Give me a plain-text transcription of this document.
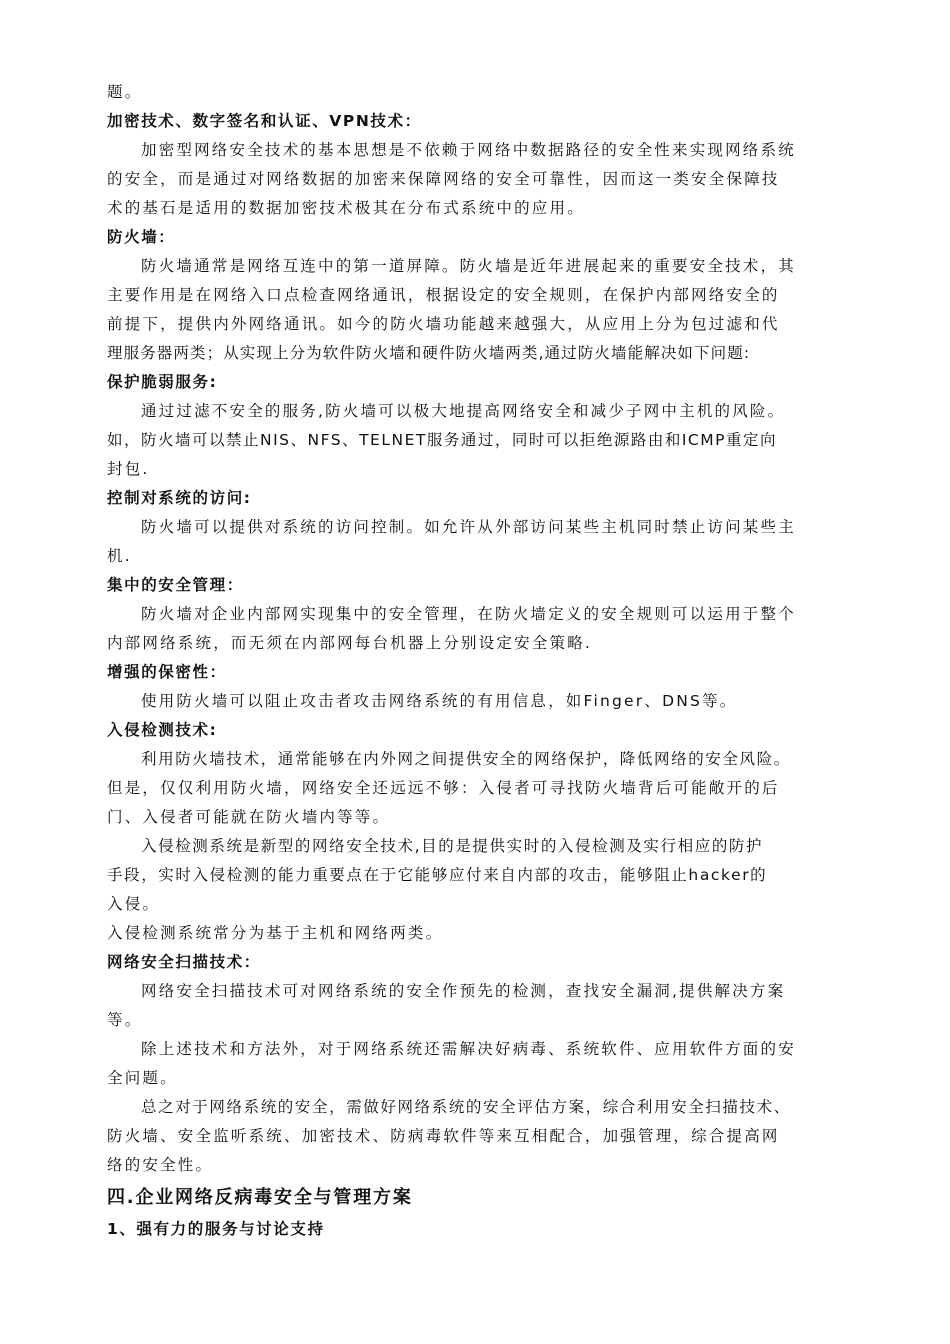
题。
加密技术、数字签名和认证、VPN技术：
加密型网络安全技术的基本思想是不依赖于网络中数据路径的安全性来实现网络系统
的安全，而是通过对网络数据的加密来保障网络的安全可靠性，因而这一类安全保障技
术的基石是适用的数据加密技术极其在分布式系统中的应用。
防火墙：
防火墙通常是网络互连中的第一道屏障。防火墙是近年进展起来的重要安全技术，其
主要作用是在网络入口点检查网络通讯，根据设定的安全规则，在保护内部网络安全的
前提下，提供内外网络通讯。如今的防火墙功能越来越强大，从应用上分为包过滤和代
理服务器两类；从实现上分为软件防火墙和硬件防火墙两类,通过防火墙能解决如下问题:
保护脆弱服务:
通过过滤不安全的服务,防火墙可以极大地提高网络安全和减少子网中主机的风险。
如，防火墙可以禁止NIS、NFS、TELNET服务通过，同时可以拒绝源路由和ICMP重定向
封包.
控制对系统的访问:
防火墙可以提供对系统的访问控制。如允许从外部访问某些主机同时禁止访问某些主
机.
集中的安全管理：
防火墙对企业内部网实现集中的安全管理，在防火墙定义的安全规则可以运用于整个
内部网络系统，而无须在内部网每台机器上分别设定安全策略.
增强的保密性：
使用防火墙可以阻止攻击者攻击网络系统的有用信息，如Finger、DNS等。
入侵检测技术:
利用防火墙技术，通常能够在内外网之间提供安全的网络保护，降低网络的安全风险。
但是，仅仅利用防火墙，网络安全还远远不够：入侵者可寻找防火墙背后可能敞开的后
门、入侵者可能就在防火墙内等等。
入侵检测系统是新型的网络安全技术,目的是提供实时的入侵检测及实行相应的防护
手段，实时入侵检测的能力重要点在于它能够应付来自内部的攻击，能够阻止hacker的
入侵。
入侵检测系统常分为基于主机和网络两类。
网络安全扫描技术：
网络安全扫描技术可对网络系统的安全作预先的检测，查找安全漏洞,提供解决方案
等。
除上述技术和方法外，对于网络系统还需解决好病毒、系统软件、应用软件方面的安
全问题。
总之对于网络系统的安全，需做好网络系统的安全评估方案，综合利用安全扫描技术、
防火墙、安全监听系统、加密技术、防病毒软件等来互相配合，加强管理，综合提高网
络的安全性。
四.企业网络反病毒安全与管理方案
1、强有力的服务与讨论支持
